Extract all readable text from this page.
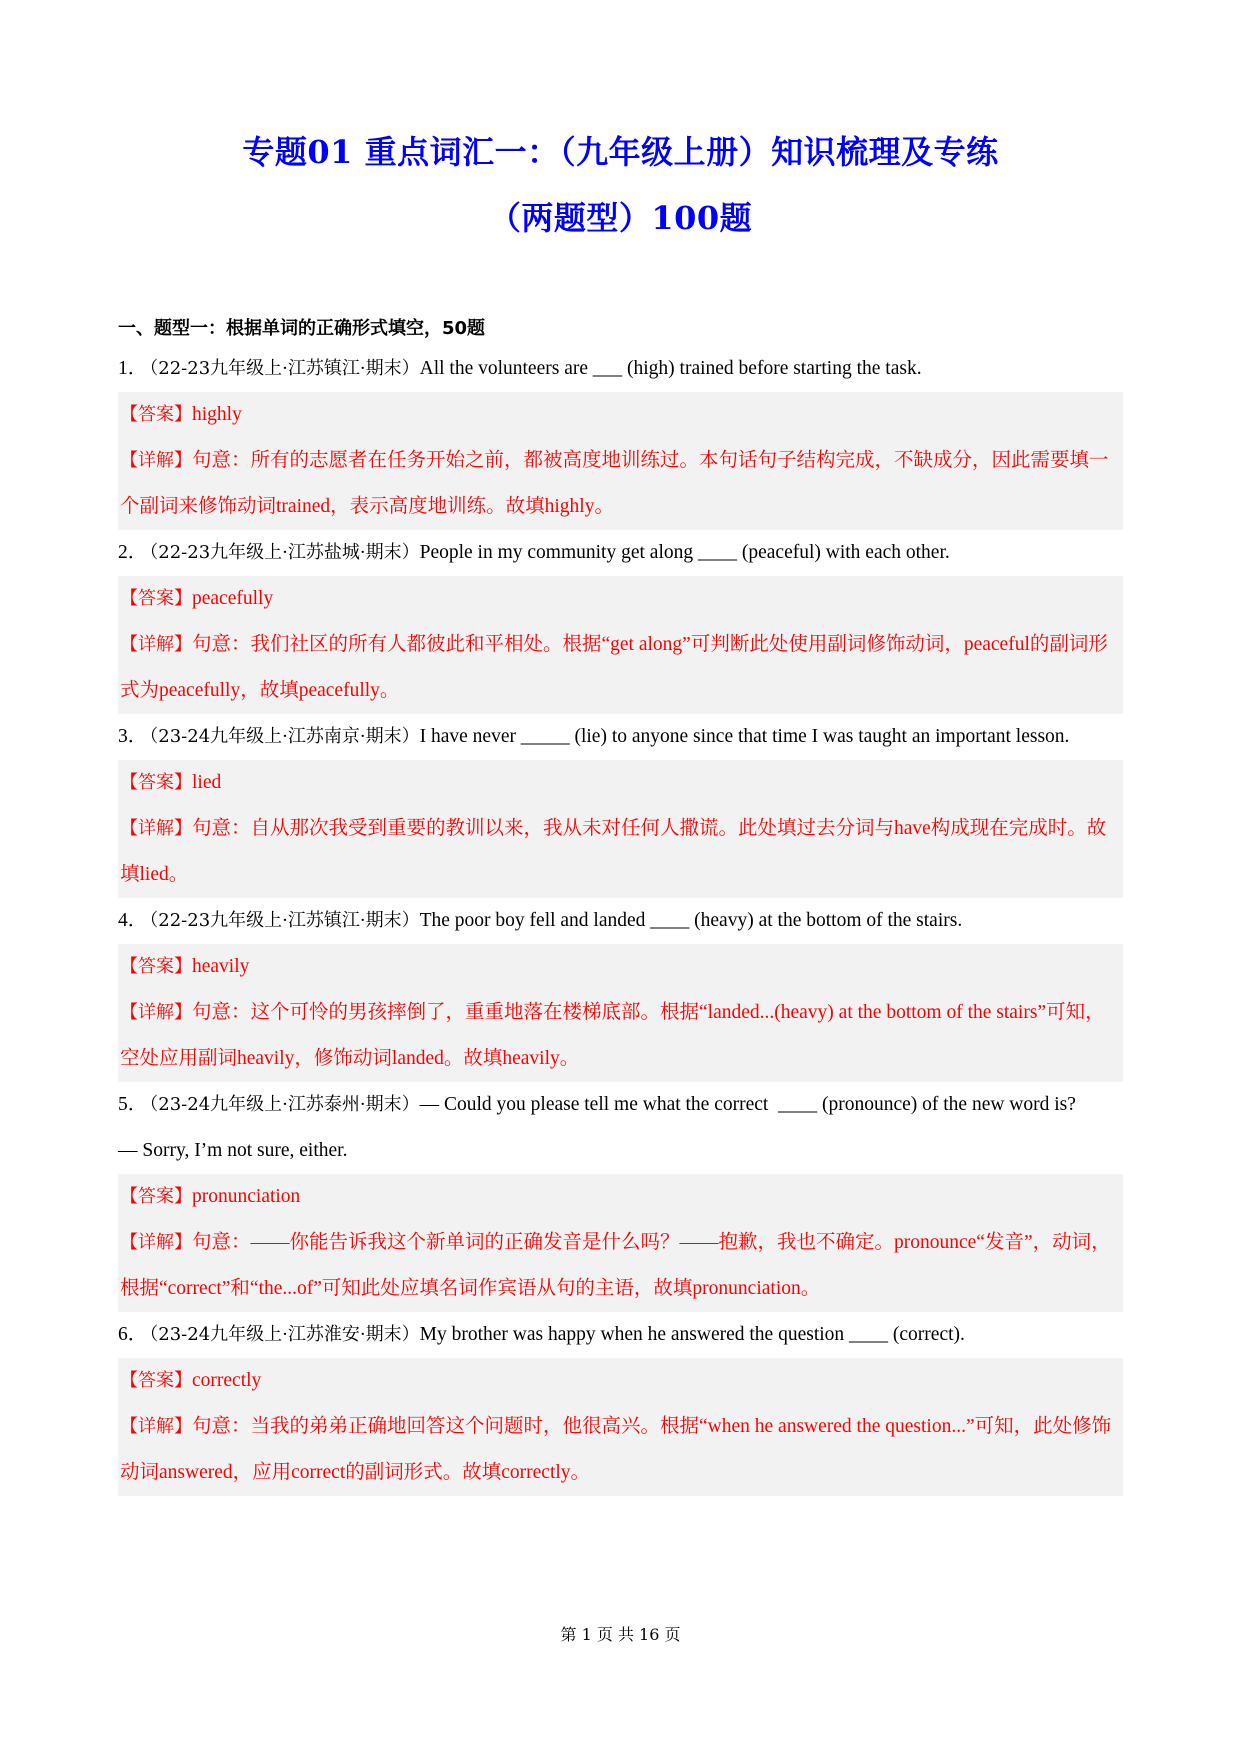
专题01 重点词汇一：（九年级上册）知识梳理及专练
（两题型）100题
一、题型一：根据单词的正确形式填空，50题
1． （22-23九年级上·江苏镇江·期末）All the volunteers are ___ (high) trained before starting the task.
【答案】highly
【详解】句意：所有的志愿者在任务开始之前，都被高度地训练过。本句话句子结构完成，不缺成分，因此需要填一个副词来修饰动词trained，表示高度地训练。故填highly。
2． （22-23九年级上·江苏盐城·期末）People in my community get along ____ (peaceful) with each other.
【答案】peacefully
【详解】句意：我们社区的所有人都彼此和平相处。根据“get along”可判断此处使用副词修饰动词，peaceful的副词形式为peacefully，故填peacefully。
3． （23-24九年级上·江苏南京·期末）I have never _____ (lie) to anyone since that time I was taught an important lesson.
【答案】lied
【详解】句意：自从那次我受到重要的教训以来，我从未对任何人撒谎。此处填过去分词与have构成现在完成时。故填lied。
4． （22-23九年级上·江苏镇江·期末）The poor boy fell and landed ____ (heavy) at the bottom of the stairs.
【答案】heavily
【详解】句意：这个可怜的男孩摔倒了，重重地落在楼梯底部。根据“landed...(heavy) at the bottom of the stairs”可知，空处应用副词heavily，修饰动词landed。故填heavily。
5． （23-24九年级上·江苏泰州·期末）— Could you please tell me what the correct  ____ (pronounce) of the new word is?
— Sorry, I’m not sure, either.
【答案】pronunciation
【详解】句意：——你能告诉我这个新单词的正确发音是什么吗？——抱歉，我也不确定。pronounce“发音”，动词，根据“correct”和“the...of”可知此处应填名词作宾语从句的主语，故填pronunciation。
6． （23-24九年级上·江苏淮安·期末）My brother was happy when he answered the question ____ (correct).
【答案】correctly
【详解】句意：当我的弟弟正确地回答这个问题时，他很高兴。根据“when he answered the question...”可知，此处修饰动词answered，应用correct的副词形式。故填correctly。
第 1 页 共 16 页
